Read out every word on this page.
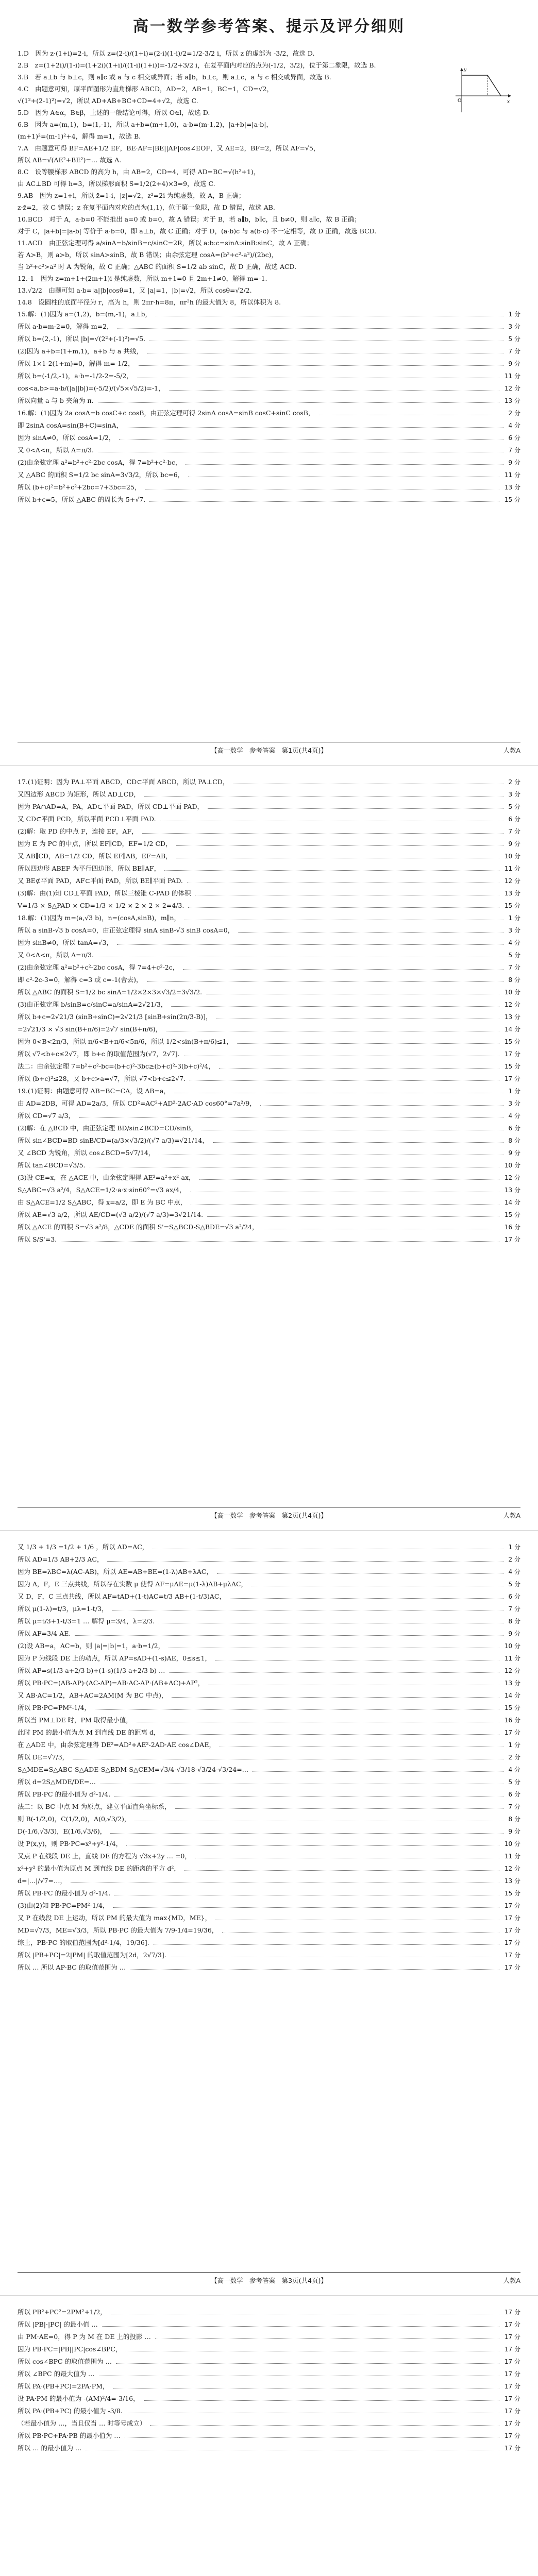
高一数学参考答案、提示及评分细则
1.D　因为 z·(1+i)=2-i，所以 z=(2-i)/(1+i)=(2-i)(1-i)/2=1/2-3/2 i，所以 z 的虚部为 -3/2，故选 D.
2.B　z=(1+2i)/(1-i)=(1+2i)(1+i)/((1-i)(1+i))=-1/2+3/2 i，在复平面内对应的点为(-1/2，3/2)，位于第二象限，故选 B.
3.B　若 a⊥b 与 b⊥c，则 a∥c 或 a 与 c 相交或异面；若 a∥b，b⊥c，则 a⊥c，a 与 c 相交或异面，故选 B.
4.C　由题意可知，原平面图形为直角梯形 ABCD，AD=2，AB=1，BC=1，CD=√2，
√(1²+(2-1)²)=√2，所以 AD+AB+BC+CD=4+√2，故选 C.
5.D　因为 A∈α，B∈β，上述的一般结论可得，所以 O∈l，故选 D.
6.B　因为 a=(m,1)，b=(1,-1)，所以 a+b=(m+1,0)，a-b=(m-1,2)，|a+b|=|a-b|，
(m+1)²=(m-1)²+4，解得 m=1，故选 B.
7.A　由题意可得 BF=AE+1/2 EF，BE·AF=|BE||AF|cos∠EOF，又 AE=2，BF=2，所以 AF=√5，
所以 AB=√(AE²+BE²)=… 故选 A.
8.C　设等腰梯形 ABCD 的高为 h，由 AB=2，CD=4，可得 AD=BC=√(h²+1)，
由 AC⊥BD 可得 h=3，所以梯形面积 S=1/2(2+4)×3=9，故选 C.
9.AB　因为 z=1+i，所以 z̄=1-i，|z|=√2，z²=2i 为纯虚数，故 A，B 正确；
z·z̄=2，故 C 错误；z 在复平面内对应的点为(1,1)，位于第一象限，故 D 错误，故选 AB.
10.BCD　对于 A，a·b=0 不能推出 a=0 或 b=0，故 A 错误；对于 B，若 a∥b，b∥c，且 b≠0，则 a∥c，故 B 正确；
对于 C，|a+b|=|a-b| 等价于 a·b=0，即 a⊥b，故 C 正确；对于 D，(a·b)c 与 a(b·c) 不一定相等，故 D 正确，故选 BCD.
11.ACD　由正弦定理可得 a/sinA=b/sinB=c/sinC=2R，所以 a:b:c=sinA:sinB:sinC，故 A 正确；
若 A>B，则 a>b，所以 sinA>sinB，故 B 错误；由余弦定理 cosA=(b²+c²-a²)/(2bc)，
当 b²+c²>a² 时 A 为锐角，故 C 正确；△ABC 的面积 S=1/2 ab sinC，故 D 正确，故选 ACD.
12.-1　因为 z=m+1+(2m+1)i 是纯虚数，所以 m+1=0 且 2m+1≠0，解得 m=-1.
13.√2/2　由题可知 a·b=|a||b|cosθ=1，又 |a|=1，|b|=√2，所以 cosθ=√2/2.
14.8　设圆柱的底面半径为 r，高为 h，则 2πr·h=8π，πr²h 的最大值为 8，所以体积为 8.
15.解：(1)因为 a=(1,2)，b=(m,-1)，a⊥b，	1 分
所以 a·b=m-2=0，解得 m=2，	3 分
所以 b=(2,-1)，所以 |b|=√(2²+(-1)²)=√5.	5 分
(2)因为 a+b=(1+m,1)，a+b 与 a 共线，	7 分
所以 1×1-2(1+m)=0，解得 m=-1/2，	9 分
所以 b=(-1/2,-1)，a·b=-1/2-2=-5/2，	11 分
cos<a,b>=a·b/(|a||b|)=(-5/2)/(√5×√5/2)=-1，	12 分
所以向量 a 与 b 夹角为 π.	13 分
16.解：(1)因为 2a cosA=b cosC+c cosB，由正弦定理可得 2sinA cosA=sinB cosC+sinC cosB，	2 分
即 2sinA cosA=sin(B+C)=sinA，	4 分
因为 sinA≠0，所以 cosA=1/2，	6 分
又 0<A<π，所以 A=π/3.	7 分
(2)由余弦定理 a²=b²+c²-2bc cosA，得 7=b²+c²-bc，	9 分
又 △ABC 的面积 S=1/2 bc sinA=3√3/2，所以 bc=6，	11 分
所以 (b+c)²=b²+c²+2bc=7+3bc=25，	13 分
所以 b+c=5，所以 △ABC 的周长为 5+√7.	15 分
【高一数学　参考答案　第1页(共4页)】	人教A
17.(1)证明：因为 PA⊥平面 ABCD，CD⊂平面 ABCD，所以 PA⊥CD，	2 分
又四边形 ABCD 为矩形，所以 AD⊥CD，	3 分
因为 PA∩AD=A，PA，AD⊂平面 PAD，所以 CD⊥平面 PAD，	5 分
又 CD⊂平面 PCD，所以平面 PCD⊥平面 PAD.	6 分
(2)解：取 PD 的中点 F，连接 EF，AF，	7 分
因为 E 为 PC 的中点，所以 EF∥CD，EF=1/2 CD，	9 分
又 AB∥CD，AB=1/2 CD，所以 EF∥AB，EF=AB，	10 分
所以四边形 ABEF 为平行四边形，所以 BE∥AF，	11 分
又 BE⊄平面 PAD，AF⊂平面 PAD，所以 BE∥平面 PAD.	12 分
(3)解：由(1)知 CD⊥平面 PAD，所以三棱锥 C-PAD 的体积	13 分
V=1/3 × S△PAD × CD=1/3 × 1/2 × 2 × 2 × 2=4/3.	15 分
18.解：(1)因为 m=(a,√3 b)，n=(cosA,sinB)，m∥n，	1 分
所以 a sinB-√3 b cosA=0，由正弦定理得 sinA sinB-√3 sinB cosA=0，	3 分
因为 sinB≠0，所以 tanA=√3，	4 分
又 0<A<π，所以 A=π/3.	5 分
(2)由余弦定理 a²=b²+c²-2bc cosA，得 7=4+c²-2c，	7 分
即 c²-2c-3=0，解得 c=3 或 c=-1(舍去)，	8 分
所以 △ABC 的面积 S=1/2 bc sinA=1/2×2×3×√3/2=3√3/2.	10 分
(3)由正弦定理 b/sinB=c/sinC=a/sinA=2√21/3，	12 分
所以 b+c=2√21/3 (sinB+sinC)=2√21/3 [sinB+sin(2π/3-B)]，	13 分
=2√21/3 × √3 sin(B+π/6)=2√7 sin(B+π/6)，	14 分
因为 0<B<2π/3，所以 π/6<B+π/6<5π/6，所以 1/2<sin(B+π/6)≤1，	15 分
所以 √7<b+c≤2√7，即 b+c 的取值范围为(√7，2√7].	17 分
法二：由余弦定理 7=b²+c²-bc=(b+c)²-3bc≥(b+c)²-3(b+c)²/4，	15 分
所以 (b+c)²≤28，又 b+c>a=√7，所以 √7<b+c≤2√7.	17 分
19.(1)证明：由题意可得 AB=BC=CA，设 AB=a，	1 分
由 AD=2DB，可得 AD=2a/3，所以 CD²=AC²+AD²-2AC·AD cos60°=7a²/9，	3 分
所以 CD=√7 a/3，	4 分
(2)解：在 △BCD 中，由正弦定理 BD/sin∠BCD=CD/sinB，	6 分
所以 sin∠BCD=BD sinB/CD=(a/3×√3/2)/(√7 a/3)=√21/14，	8 分
又 ∠BCD 为锐角，所以 cos∠BCD=5√7/14，	9 分
所以 tan∠BCD=√3/5.	10 分
(3)设 CE=x，在 △ACE 中，由余弦定理得 AE²=a²+x²-ax，	12 分
S△ABC=√3 a²/4，S△ACE=1/2·a·x·sin60°=√3 ax/4，	13 分
由 S△ACE=1/2 S△ABC，得 x=a/2，即 E 为 BC 中点，	14 分
所以 AE=√3 a/2，所以 AE/CD=(√3 a/2)/(√7 a/3)=3√21/14.	15 分
所以 △ACE 的面积 S=√3 a²/8，△CDE 的面积 S'=S△BCD-S△BDE=√3 a²/24，	16 分
所以 S/S'=3.	17 分
【高一数学　参考答案　第2页(共4页)】	人教A
又 1/3 + 1/3 =1/2 + 1/6 ，所以 AD=AC，	1 分
所以 AD=1/3 AB+2/3 AC，	2 分
因为 BE=λBC=λ(AC-AB)，所以 AE=AB+BE=(1-λ)AB+λAC，	4 分
因为 A，F，E 三点共线，所以存在实数 μ 使得 AF=μAE=μ(1-λ)AB+μλAC，	5 分
又 D，F，C 三点共线，所以 AF=tAD+(1-t)AC=t/3 AB+(1-t/3)AC，	6 分
所以 μ(1-λ)=t/3，μλ=1-t/3，	7 分
所以 μ=t/3+1-t/3=1 … 解得 μ=3/4，λ=2/3.	8 分
所以 AF=3/4 AE.	9 分
(2)设 AB=a，AC=b，则 |a|=|b|=1，a·b=1/2，	10 分
因为 P 为线段 DE 上的动点，所以 AP=sAD+(1-s)AE，0≤s≤1，	11 分
所以 AP=s(1/3 a+2/3 b)+(1-s)(1/3 a+2/3 b) …	12 分
所以 PB·PC=(AB-AP)·(AC-AP)=AB·AC-AP·(AB+AC)+AP²，	13 分
又 AB·AC=1/2，AB+AC=2AM(M 为 BC 中点)，	14 分
所以 PB·PC=PM²-1/4，	15 分
所以当 PM⊥DE 时，PM 取得最小值，	16 分
此时 PM 的最小值为点 M 到直线 DE 的距离 d，	17 分
在 △ADE 中，由余弦定理得 DE²=AD²+AE²-2AD·AE cos∠DAE，	1 分
所以 DE=√7/3，	2 分
S△MDE=S△ABC-S△ADE-S△BDM-S△CEM=√3/4-√3/18-√3/24-√3/24=…	4 分
所以 d=2S△MDE/DE=…	5 分
所以 PB·PC 的最小值为 d²-1/4.	6 分
法二：以 BC 中点 M 为原点，建立平面直角坐标系，	7 分
则 B(-1/2,0)，C(1/2,0)，A(0,√3/2)，	8 分
D(-1/6,√3/3)，E(1/6,√3/6)，	9 分
设 P(x,y)，则 PB·PC=x²+y²-1/4，	10 分
又点 P 在线段 DE 上，直线 DE 的方程为 √3x+2y … =0，	11 分
x²+y² 的最小值为原点 M 到直线 DE 的距离的平方 d²，	12 分
d=|…|/√7=…，	13 分
所以 PB·PC 的最小值为 d²-1/4.	15 分
(3)由(2)知 PB·PC=PM²-1/4，	17 分
又 P 在线段 DE 上运动，所以 PM 的最大值为 max{MD，ME}，	17 分
MD=√7/3，ME=√3/3，所以 PB·PC 的最大值为 7/9-1/4=19/36，	17 分
综上，PB·PC 的取值范围为[d²-1/4，19/36].	17 分
所以 |PB+PC|=2|PM| 的取值范围为[2d，2√7/3].	17 分
所以 … 所以 AP·BC 的取值范围为 …	17 分
【高一数学　参考答案　第3页(共4页)】	人教A
所以 PB²+PC²=2PM²+1/2，	17 分
所以 |PB|·|PC| 的最小值 …	17 分
由 PM·AE=0，得 P 为 M 在 DE 上的投影 …	17 分
因为 PB·PC=|PB||PC|cos∠BPC，	17 分
所以 cos∠BPC 的取值范围为 …	17 分
所以 ∠BPC 的最大值为 …	17 分
所以 PA·(PB+PC)=2PA·PM，	17 分
设 PA·PM 的最小值为 -(AM)²/4=-3/16，	17 分
所以 PA·(PB+PC) 的最小值为 -3/8.	17 分
（若最小值为 …，当且仅当 … 时等号成立）	17 分
所以 PB·PC+PA·PB 的最小值为 …	17 分
所以 … 的最小值为 …	17 分
O	x
y
